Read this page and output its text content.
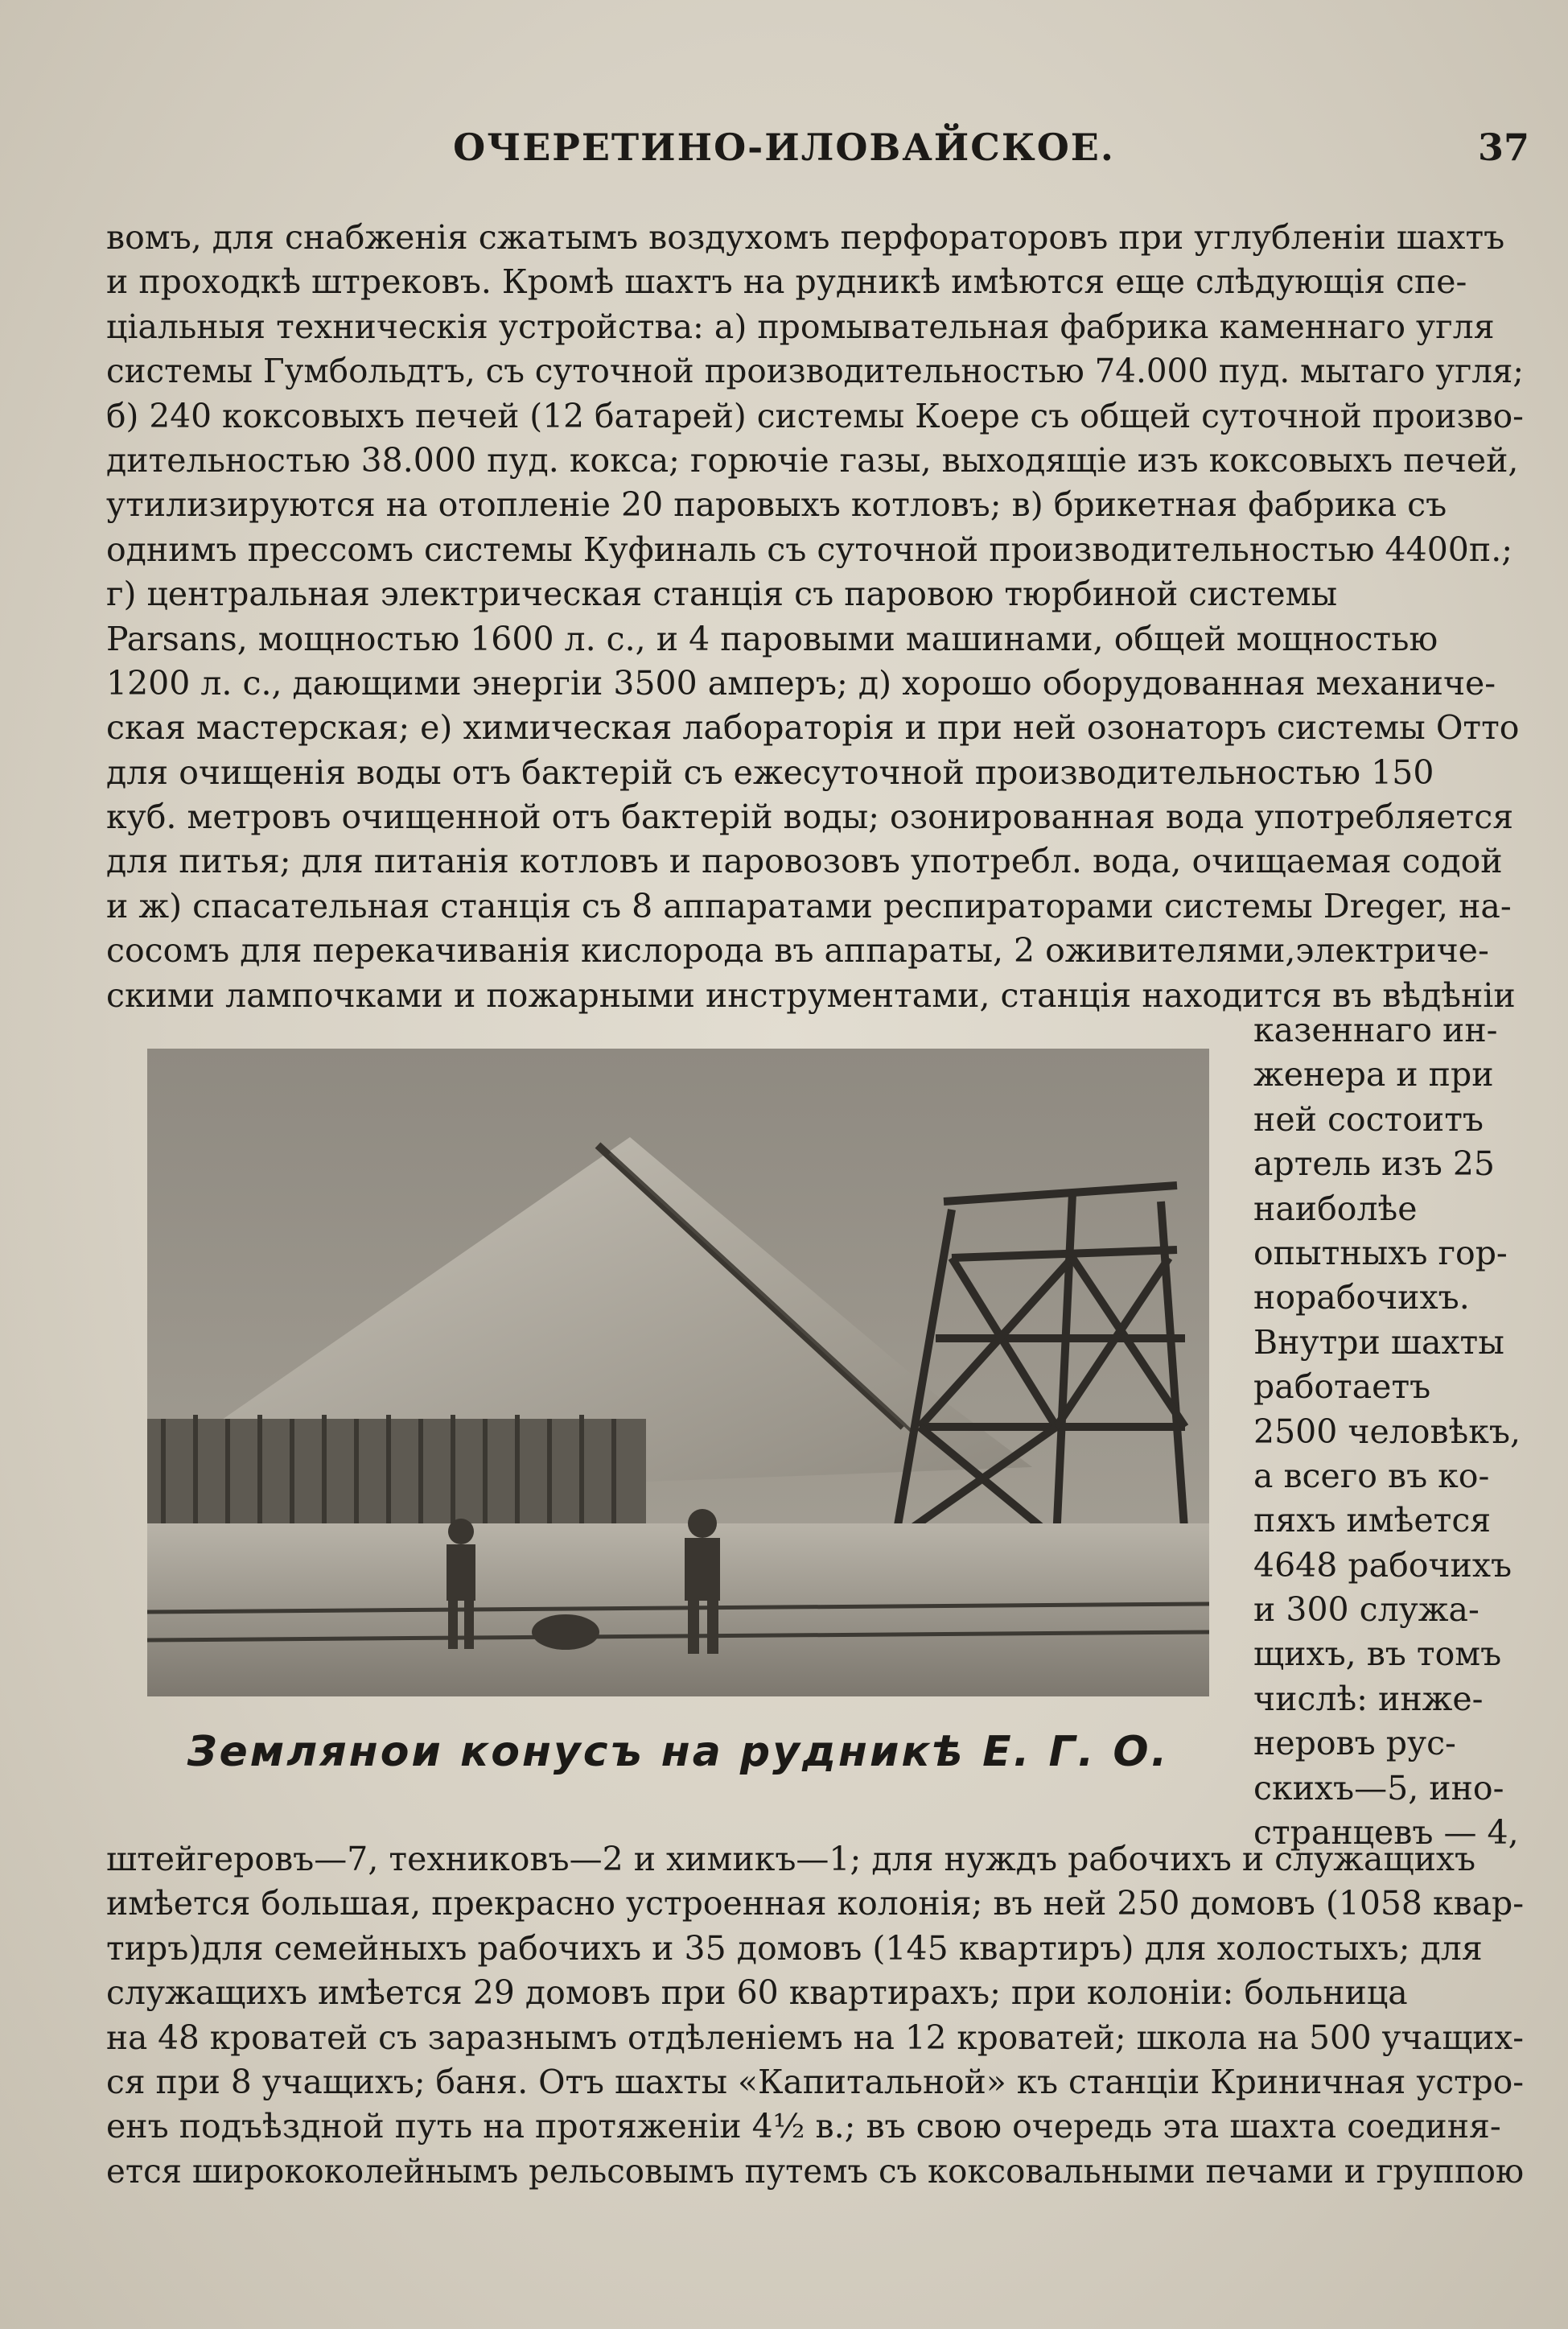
ОЧЕРЕТИНО-ИЛОВАЙСКОЕ.	37
вомъ, для снабженія сжатымъ воздухомъ перфораторовъ при углубленіи шахтъ
и проходкѣ штрековъ. Кромѣ шахтъ на рудникѣ имѣются еще слѣдующія спе-
ціальныя техническія устройства: а) промывательная фабрика каменнаго угля
системы Гумбольдтъ, съ суточной производительностью 74.000 пуд. мытаго угля;
б) 240 коксовыхъ печей (12 батарей) системы Коере съ общей суточной произво-
дительностью 38.000 пуд. кокса; горючіе газы, выходящіе изъ коксовыхъ печей,
утилизируются на отопленіе 20 паровыхъ котловъ; в) брикетная фабрика съ
однимъ прессомъ системы Куфиналь съ суточной производительностью 4400п.;
г) центральная электрическая станція съ паровою тюрбиной системы
Parsans, мощностью 1600 л. с., и 4 паровыми машинами, общей мощностью
1200 л. с., дающими энергіи 3500 амперъ; д) хорошо оборудованная механиче-
ская мастерская; е) химическая лабораторія и при ней озонаторъ системы Отто
для очищенія воды отъ бактерій съ ежесуточной производительностью 150
куб. метровъ очищенной отъ бактерій воды; озонированная вода употребляется
для питья; для питанія котловъ и паровозовъ употребл. вода, очищаемая содой
и ж) спасательная станція съ 8 аппаратами респираторами системы Dreger, на-
сосомъ для перекачиванія кислорода въ аппараты, 2 оживителями,электриче-
скими лампочками и пожарными инструментами, станція находится въ вѣдѣніи
Землянои конусъ на рудникѣ Е. Г. О.
казеннаго ин-
женера и при
ней состоитъ
артель изъ 25
наиболѣе
опытныхъ гор-
норабочихъ.
Внутри шахты
работаетъ
2500 человѣкъ,
а всего въ ко-
пяхъ имѣется
4648 рабочихъ
и 300 служа-
щихъ, въ томъ
числѣ: инже-
неровъ рус-
скихъ—5, ино-
странцевъ — 4,
штейгеровъ—7, техниковъ—2 и химикъ—1; для нуждъ рабочихъ и служащихъ
имѣется большая, прекрасно устроенная колонія; въ ней 250 домовъ (1058 квар-
тиръ)для семейныхъ рабочихъ и 35 домовъ (145 квартиръ) для холостыхъ; для
служащихъ имѣется 29 домовъ при 60 квартирахъ; при колоніи: больница
на 48 кроватей съ заразнымъ отдѣленіемъ на 12 кроватей; школа на 500 учащих-
ся при 8 учащихъ; баня. Отъ шахты «Капитальной» къ станціи Криничная устро-
енъ подъѣздной путь на протяженіи 4½ в.; въ свою очередь эта шахта соединя-
ется ширококолейнымъ рельсовымъ путемъ съ коксовальными печами и группою
